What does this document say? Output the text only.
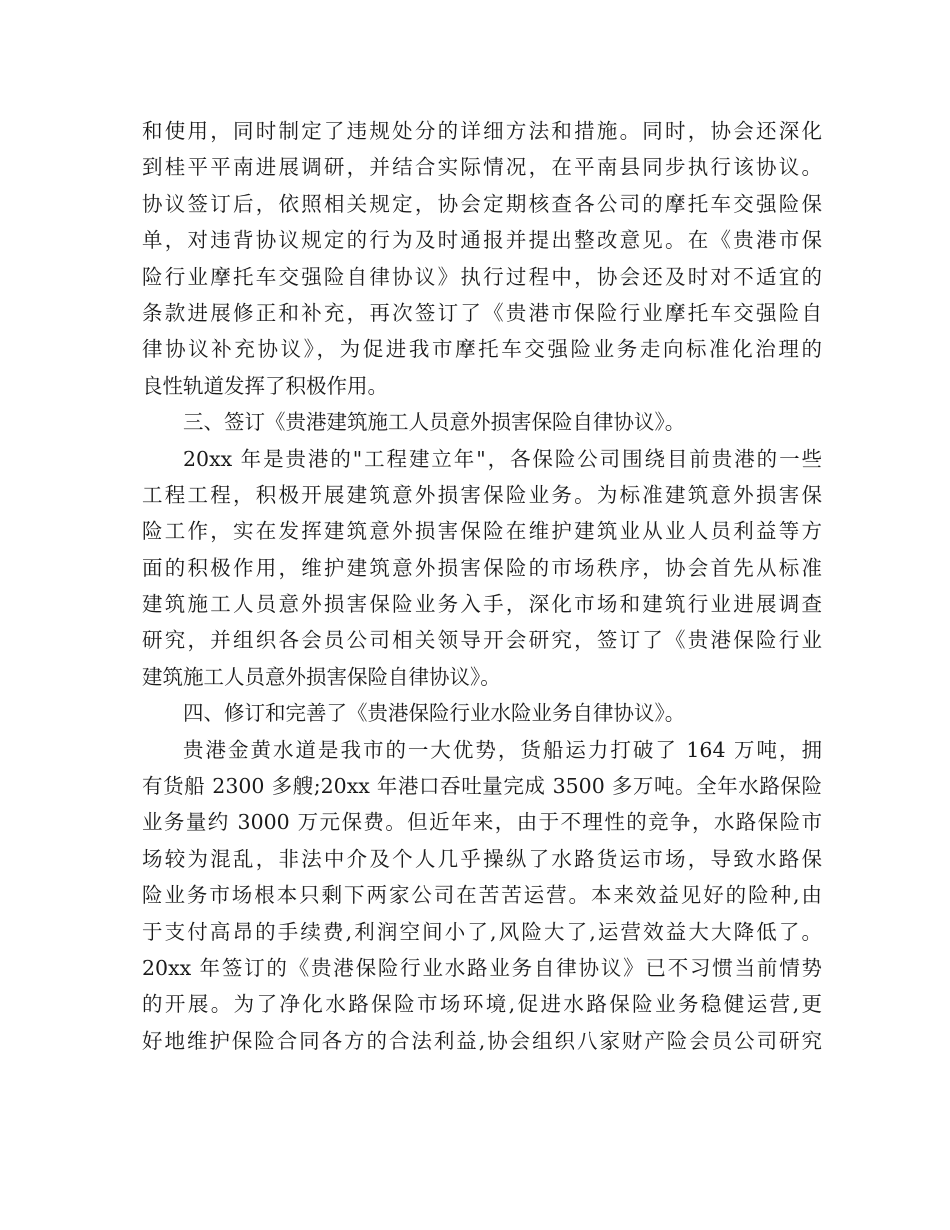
和使用，同时制定了违规处分的详细方法和措施。同时，协会还深化
到桂平平南进展调研，并结合实际情况，在平南县同步执行该协议。
协议签订后，依照相关规定，协会定期核查各公司的摩托车交强险保
单，对违背协议规定的行为及时通报并提出整改意见。在《贵港市保
险行业摩托车交强险自律协议》执行过程中，协会还及时对不适宜的
条款进展修正和补充，再次签订了《贵港市保险行业摩托车交强险自
律协议补充协议》，为促进我市摩托车交强险业务走向标准化治理的
良性轨道发挥了积极作用。
三、签订《贵港建筑施工人员意外损害保险自律协议》。
20xx 年是贵港的"工程建立年"，各保险公司围绕目前贵港的一些
工程工程，积极开展建筑意外损害保险业务。为标准建筑意外损害保
险工作，实在发挥建筑意外损害保险在维护建筑业从业人员利益等方
面的积极作用，维护建筑意外损害保险的市场秩序，协会首先从标准
建筑施工人员意外损害保险业务入手，深化市场和建筑行业进展调查
研究，并组织各会员公司相关领导开会研究，签订了《贵港保险行业
建筑施工人员意外损害保险自律协议》。
四、修订和完善了《贵港保险行业水险业务自律协议》。
贵港金黄水道是我市的一大优势，货船运力打破了 164 万吨，拥
有货船 2300 多艘;20xx 年港口吞吐量完成 3500 多万吨。全年水路保险
业务量约 3000 万元保费。但近年来，由于不理性的竞争，水路保险市
场较为混乱，非法中介及个人几乎操纵了水路货运市场，导致水路保
险业务市场根本只剩下两家公司在苦苦运营。本来效益见好的险种,由
于支付高昂的手续费,利润空间小了,风险大了,运营效益大大降低了。
20xx 年签订的《贵港保险行业水路业务自律协议》已不习惯当前情势
的开展。为了净化水路保险市场环境,促进水路保险业务稳健运营,更
好地维护保险合同各方的合法利益,协会组织八家财产险会员公司研究
